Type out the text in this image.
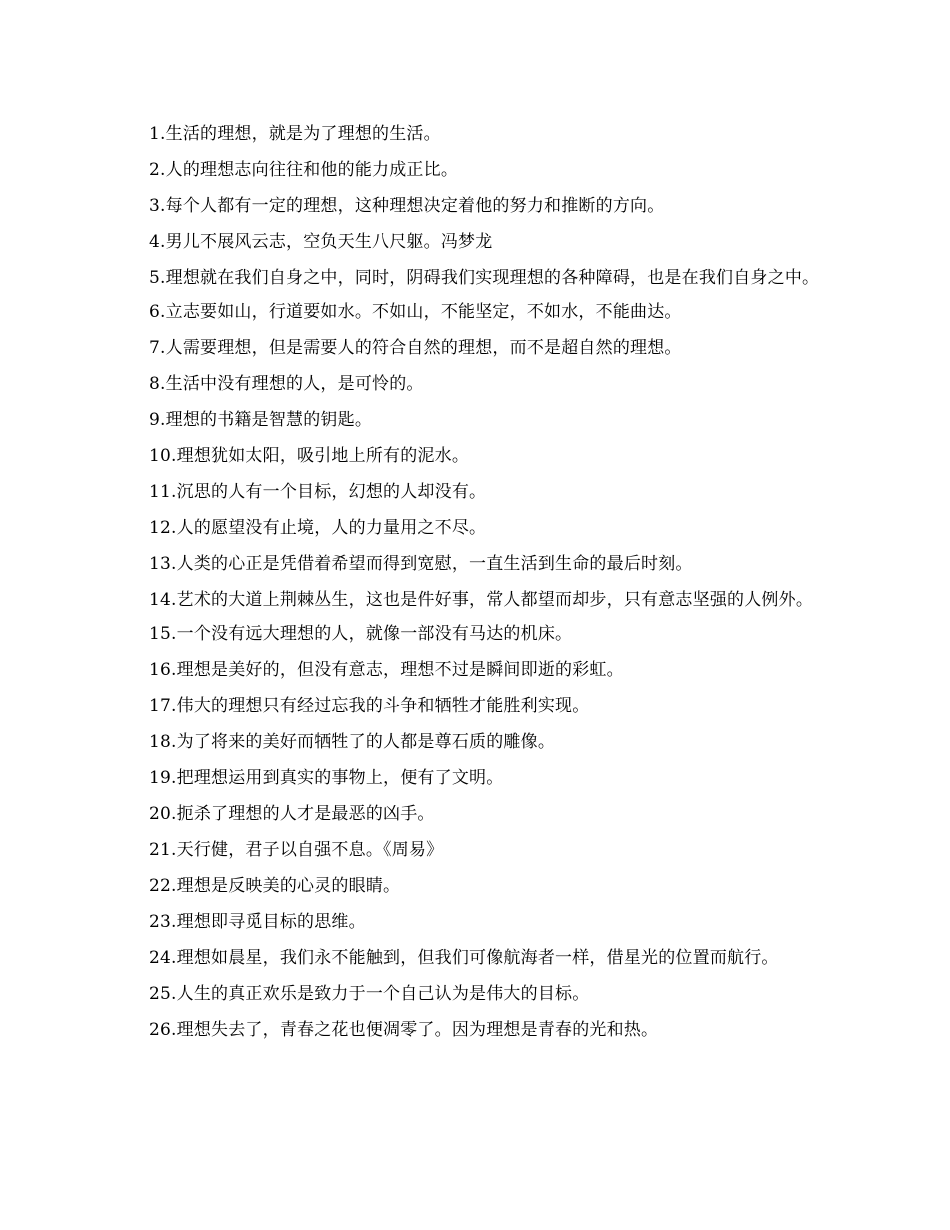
1.生活的理想，就是为了理想的生活。

2.人的理想志向往往和他的能力成正比。

3.每个人都有一定的理想，这种理想决定着他的努力和推断的方向。

4.男儿不展风云志，空负天生八尺躯。冯梦龙

5.理想就在我们自身之中，同时，阴碍我们实现理想的各种障碍，也是在我们自身之中。

6.立志要如山，行道要如水。不如山，不能坚定，不如水，不能曲达。

7.人需要理想，但是需要人的符合自然的理想，而不是超自然的理想。

8.生活中没有理想的人，是可怜的。

9.理想的书籍是智慧的钥匙。

10.理想犹如太阳，吸引地上所有的泥水。

11.沉思的人有一个目标，幻想的人却没有。

12.人的愿望没有止境，人的力量用之不尽。

13.人类的心正是凭借着希望而得到宽慰，一直生活到生命的最后时刻。

14.艺术的大道上荆棘丛生，这也是件好事，常人都望而却步，只有意志坚强的人例外。

15.一个没有远大理想的人，就像一部没有马达的机床。

16.理想是美好的，但没有意志，理想不过是瞬间即逝的彩虹。

17.伟大的理想只有经过忘我的斗争和牺牲才能胜利实现。

18.为了将来的美好而牺牲了的人都是尊石质的雕像。

19.把理想运用到真实的事物上，便有了文明。

20.扼杀了理想的人才是最恶的凶手。

21.天行健，君子以自强不息。《周易》

22.理想是反映美的心灵的眼睛。

23.理想即寻觅目标的思维。

24.理想如晨星，我们永不能触到，但我们可像航海者一样，借星光的位置而航行。

25.人生的真正欢乐是致力于一个自己认为是伟大的目标。

26.理想失去了，青春之花也便凋零了。因为理想是青春的光和热。
